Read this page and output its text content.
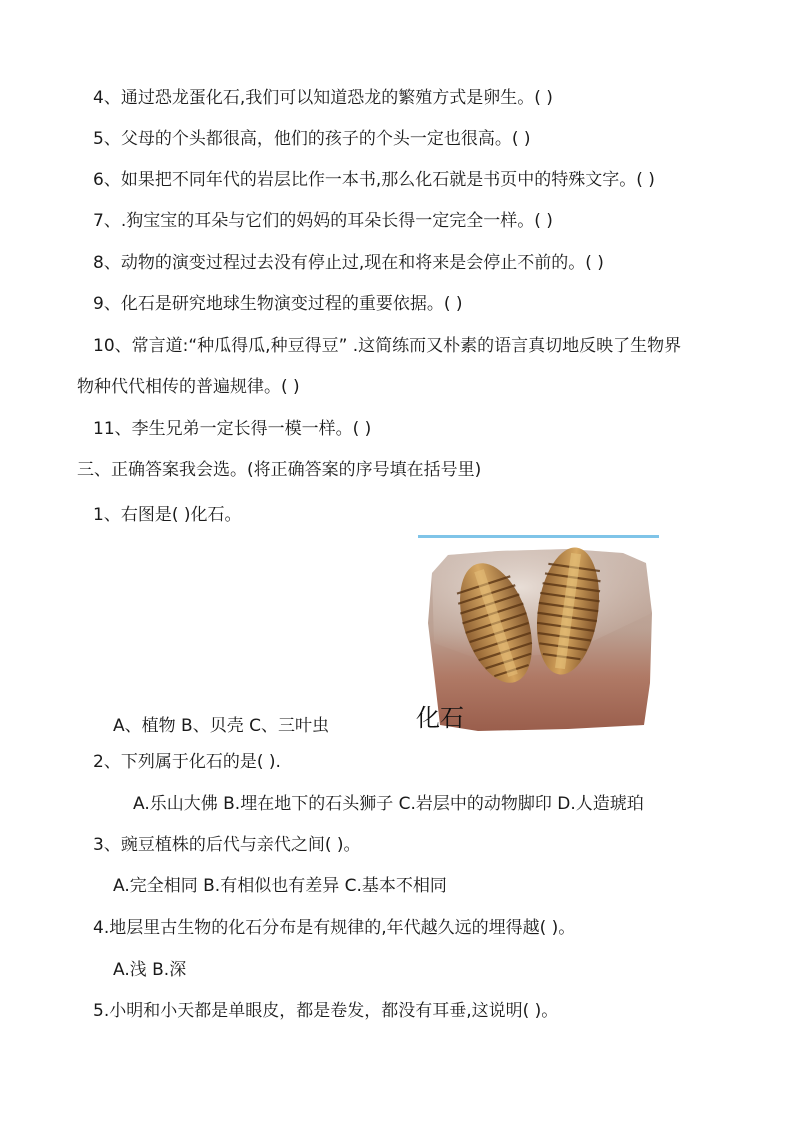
4、通过恐龙蛋化石,我们可以知道恐龙的繁殖方式是卵生。( )
5、父母的个头都很高，他们的孩子的个头一定也很高。( )
6、如果把不同年代的岩层比作一本书,那么化石就是书页中的特殊文字。( )
7、.狗宝宝的耳朵与它们的妈妈的耳朵长得一定完全一样。( )
8、动物的演变过程过去没有停止过,现在和将来是会停止不前的。( )
9、化石是研究地球生物演变过程的重要依据。( )
10、常言道:“种瓜得瓜,种豆得豆” .这简练而又朴素的语言真切地反映了生物界
物种代代相传的普遍规律。( )
11、李生兄弟一定长得一模一样。( )
三、正确答案我会选。(将正确答案的序号填在括号里)
1、右图是( )化石。
化石
A、植物 B、贝壳 C、三叶虫
2、下列属于化石的是( ).
A.乐山大佛 B.埋在地下的石头狮子 C.岩层中的动物脚印 D.人造琥珀
3、豌豆植株的后代与亲代之间( )。
A.完全相同 B.有相似也有差异 C.基本不相同
4.地层里古生物的化石分布是有规律的,年代越久远的埋得越( )。
A.浅 B.深
5.小明和小天都是单眼皮，都是卷发，都没有耳垂,这说明( )。
